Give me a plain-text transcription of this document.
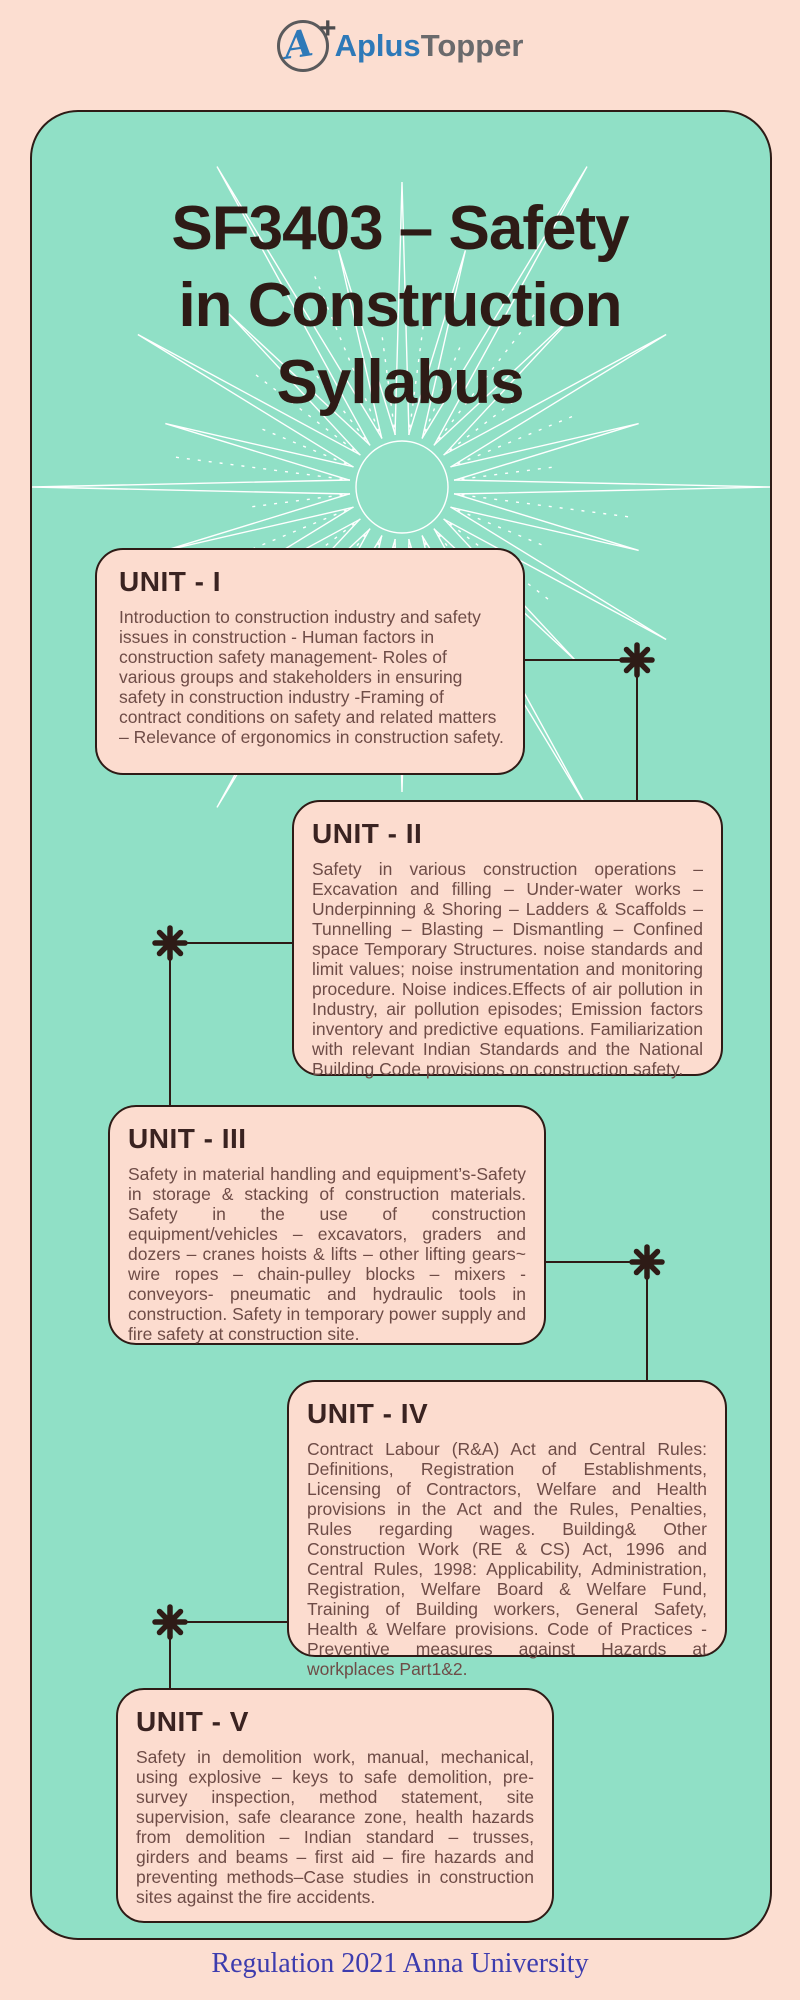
A +
AplusTopper
SF3403 – Safety
in Construction
Syllabus
UNIT - I

Introduction to construction industry and safety issues in construction - Human factors in construction safety management- Roles of various groups and stakeholders in ensuring safety in construction industry -Framing of contract conditions on safety and related matters – Relevance of ergonomics in construction safety.

UNIT - II

Safety in various construction operations – Excavation and filling – Under-water works – Underpinning & Shoring – Ladders & Scaffolds – Tunnelling – Blasting – Dismantling – Confined space Temporary Structures. noise standards and limit values; noise instrumentation and monitoring procedure. Noise indices.Effects of air pollution in Industry, air pollution episodes; Emission factors inventory and predictive equations. Familiarization with relevant Indian Standards and the National Building Code provisions on construction safety.

UNIT - III

Safety in material handling and equipment’s-Safety in storage & stacking of construction materials. Safety in the use of construction equipment/vehicles – excavators, graders and dozers – cranes hoists & lifts – other lifting gears~ wire ropes – chain-pulley blocks – mixers -conveyors- pneumatic and hydraulic tools in construction. Safety in temporary power supply and fire safety at construction site.

UNIT - IV

Contract Labour (R&A) Act and Central Rules: Definitions, Registration of Establishments, Licensing of Contractors, Welfare and Health provisions in the Act and the Rules, Penalties, Rules regarding wages. Building& Other Construction Work (RE & CS) Act, 1996 and Central Rules, 1998: Applicability, Administration, Registration, Welfare Board & Welfare Fund, Training of Building workers, General Safety, Health & Welfare provisions. Code of Practices -Preventive measures against Hazards at workplaces Part1&2.

UNIT - V

Safety in demolition work, manual, mechanical, using explosive – keys to safe demolition, pre-survey inspection, method statement, site supervision, safe clearance zone, health hazards from demolition – Indian standard – trusses, girders and beams – first aid – fire hazards and preventing methods–Case studies in construction sites against the fire accidents.

Regulation 2021 Anna University
